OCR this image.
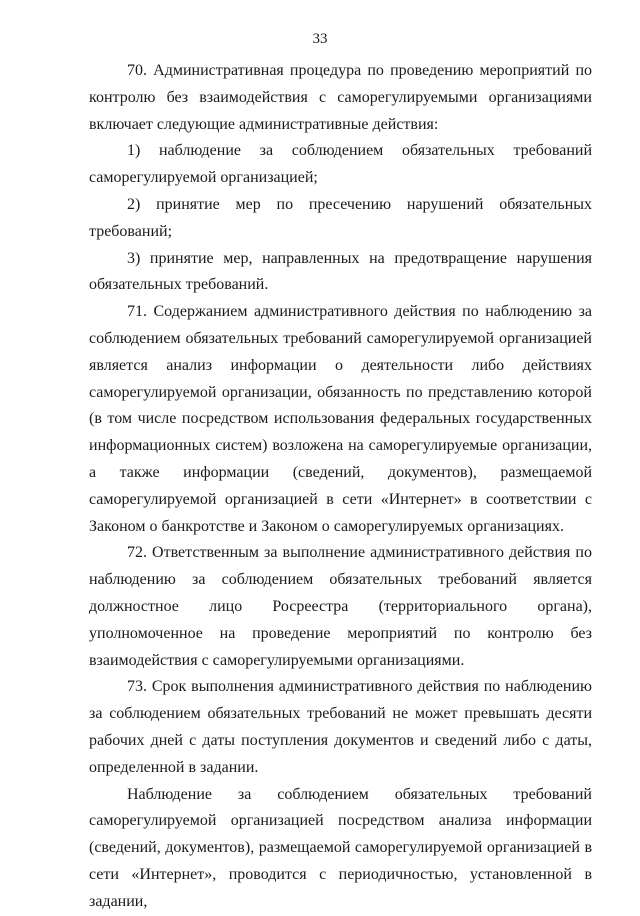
33

70. Административная процедура по проведению мероприятий по контролю без взаимодействия с саморегулируемыми организациями включает следующие административные действия:

1) наблюдение за соблюдением обязательных требований саморегулируемой организацией;

2) принятие мер по пресечению нарушений обязательных требований;

3) принятие мер, направленных на предотвращение нарушения обязательных требований.

71. Содержанием административного действия по наблюдению за соблюдением обязательных требований саморегулируемой организацией является анализ информации о деятельности либо действиях саморегулируемой организации, обязанность по представлению которой (в том числе посредством использования федеральных государственных информационных систем) возложена на саморегулируемые организации, а также информации (сведений, документов), размещаемой саморегулируемой организацией в сети «Интернет» в соответствии с Законом о банкротстве и Законом о саморегулируемых организациях.

72. Ответственным за выполнение административного действия по наблюдению за соблюдением обязательных требований является должностное лицо Росреестра (территориального органа), уполномоченное на проведение мероприятий по контролю без взаимодействия с саморегулируемыми организациями.

73. Срок выполнения административного действия по наблюдению за соблюдением обязательных требований не может превышать десяти рабочих дней с даты поступления документов и сведений либо с даты, определенной в задании.

Наблюдение за соблюдением обязательных требований саморегулируемой организацией посредством анализа информации (сведений, документов), размещаемой саморегулируемой организацией в сети «Интернет», проводится с периодичностью, установленной в задании,
